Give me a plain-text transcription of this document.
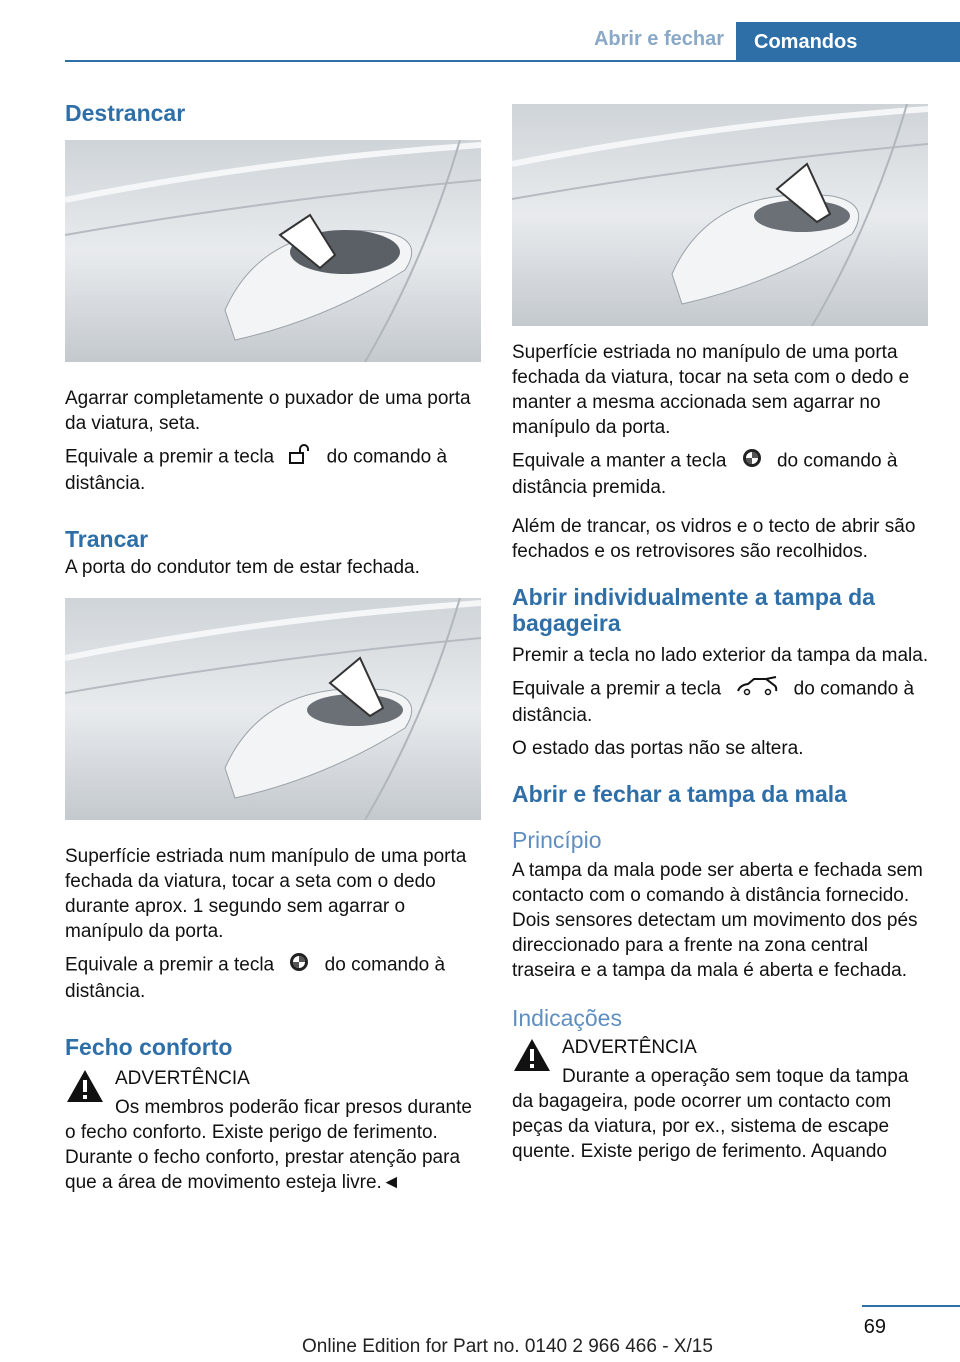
Abrir e fechar	Comandos
Destrancar

Agarrar completamente o puxador de uma porta da viatura, seta.

Equivale a premir a tecla	do comando à distância.

Trancar

A porta do condutor tem de estar fechada.

Superfície estriada num manípulo de uma porta fechada da viatura, tocar a seta com o dedo durante aprox. 1 segundo sem agarrar o manípulo da porta.

Equivale a premir a tecla	do comando à distância.

Fecho conforto

ADVERTÊNCIA

Os membros poderão ficar presos durante o fecho conforto. Existe perigo de ferimento. Durante o fecho conforto, prestar atenção para que a área de movimento esteja livre.◄

Superfície estriada no manípulo de uma porta fechada da viatura, tocar na seta com o dedo e manter a mesma accionada sem agarrar no manípulo da porta.

Equivale a manter a tecla	do comando à distância premida.

Além de trancar, os vidros e o tecto de abrir são fechados e os retrovisores são recolhidos.

Abrir individualmente a tampa da bagageira

Premir a tecla no lado exterior da tampa da mala.

Equivale a premir a tecla	do comando à distância.

O estado das portas não se altera.

Abrir e fechar a tampa da mala
Princípio

A tampa da mala pode ser aberta e fechada sem contacto com o comando à distância fornecido. Dois sensores detectam um movimento dos pés direccionado para a frente na zona central traseira e a tampa da mala é aberta e fechada.

Indicações

ADVERTÊNCIA

Durante a operação sem toque da tampa da bagageira, pode ocorrer um contacto com peças da viatura, por ex., sistema de escape quente. Existe perigo de ferimento. Aquando

69
Online Edition for Part no. 0140 2 966 466 - X/15
